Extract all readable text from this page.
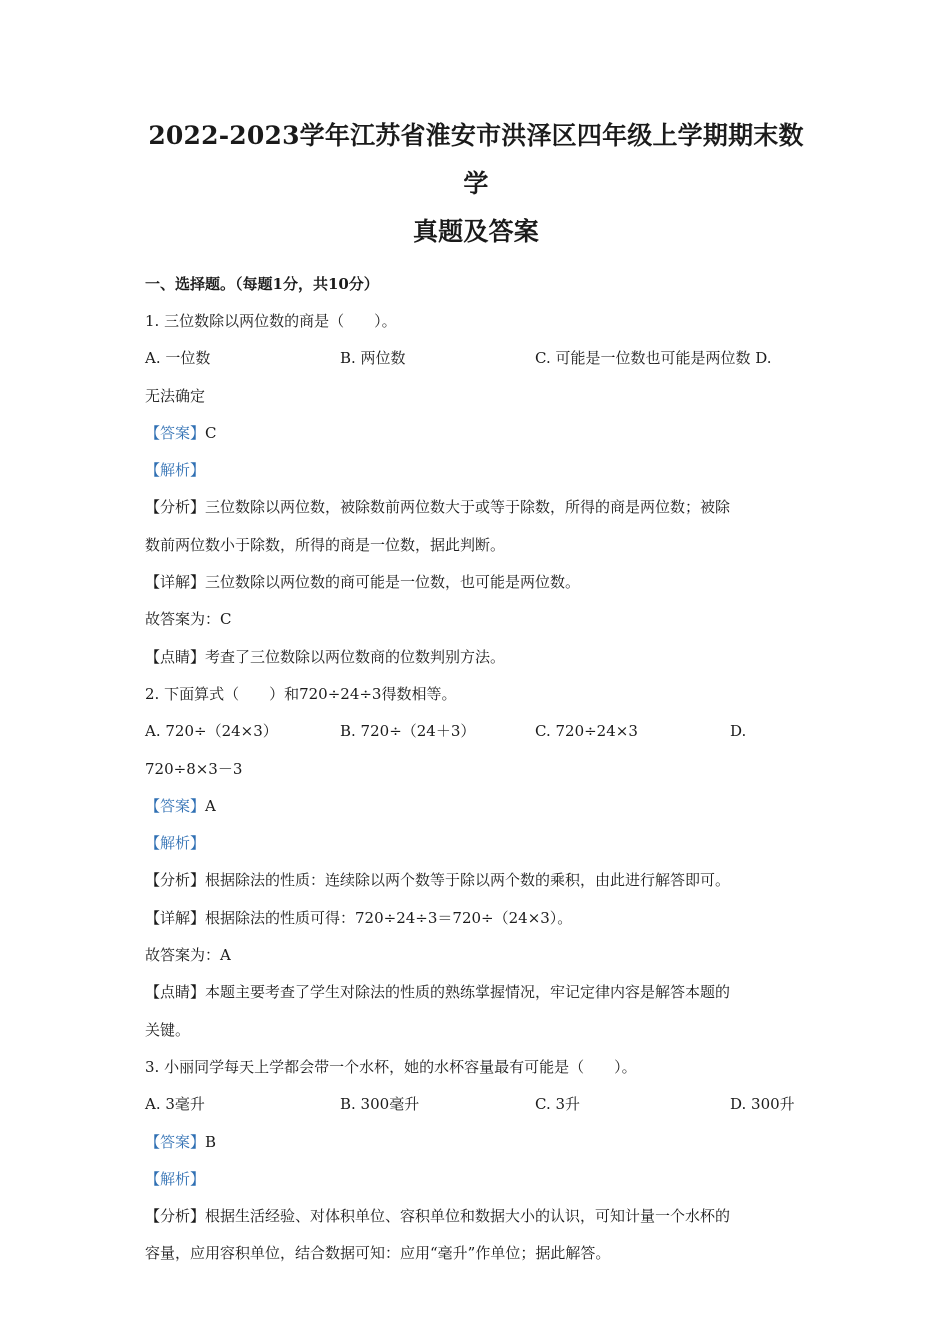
2022-2023学年江苏省淮安市洪泽区四年级上学期期末数学
真题及答案
一、选择题。（每题1分，共10分）
1. 三位数除以两位数的商是（　　）。
A. 一位数	B. 两位数	C. 可能是一位数也可能是两位数 D.
无法确定
【答案】C
【解析】
【分析】三位数除以两位数，被除数前两位数大于或等于除数，所得的商是两位数；被除
数前两位数小于除数，所得的商是一位数，据此判断。
【详解】三位数除以两位数的商可能是一位数，也可能是两位数。
故答案为：C
【点睛】考查了三位数除以两位数商的位数判别方法。
2. 下面算式（　　）和720÷24÷3得数相等。
A. 720÷（24×3）	B. 720÷（24＋3）	C. 720÷24×3	D.
720÷8×3－3
【答案】A
【解析】
【分析】根据除法的性质：连续除以两个数等于除以两个数的乘积，由此进行解答即可。
【详解】根据除法的性质可得：720÷24÷3＝720÷（24×3）。
故答案为：A
【点睛】本题主要考查了学生对除法的性质的熟练掌握情况，牢记定律内容是解答本题的
关键。
3. 小丽同学每天上学都会带一个水杯，她的水杯容量最有可能是（　　）。
A. 3毫升	B. 300毫升	C. 3升	D. 300升
【答案】B
【解析】
【分析】根据生活经验、对体积单位、容积单位和数据大小的认识，可知计量一个水杯的
容量，应用容积单位，结合数据可知：应用“毫升”作单位；据此解答。
